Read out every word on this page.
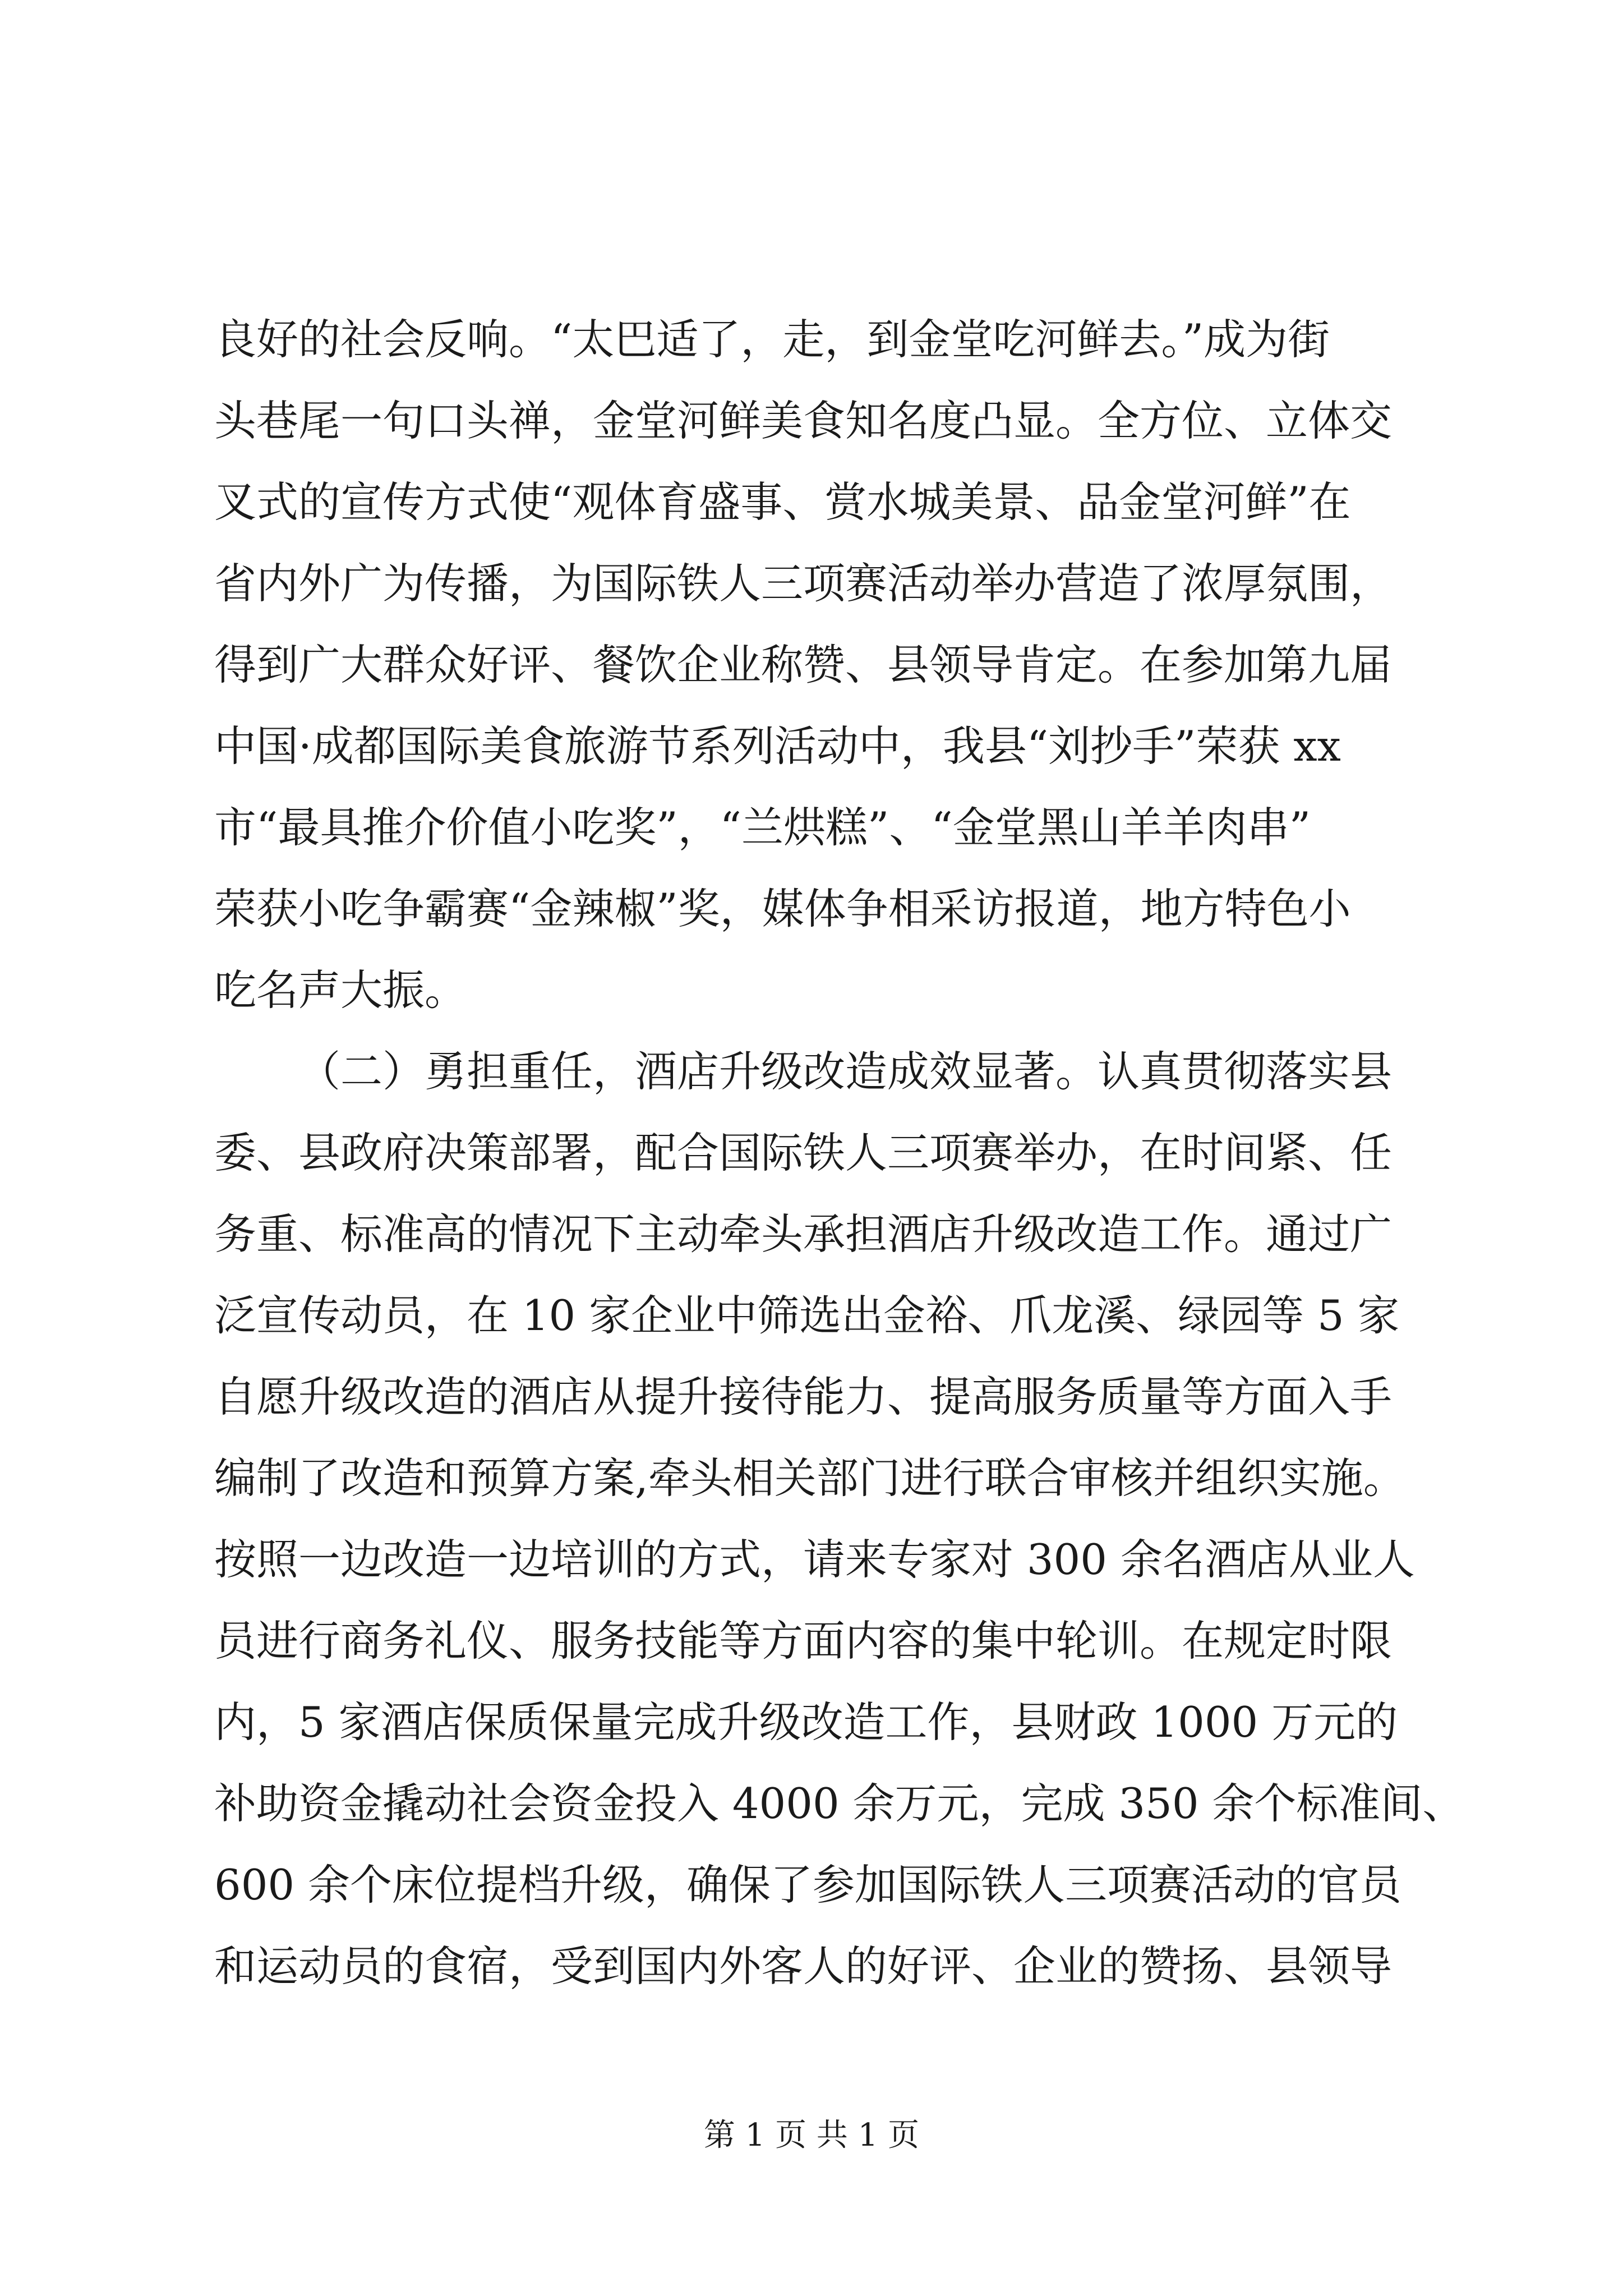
良好的社会反响。“太巴适了，走，到金堂吃河鲜去。”成为街
头巷尾一句口头禅，金堂河鲜美食知名度凸显。全方位、立体交
叉式的宣传方式使“观体育盛事、赏水城美景、品金堂河鲜”在
省内外广为传播，为国际铁人三项赛活动举办营造了浓厚氛围，
得到广大群众好评、餐饮企业称赞、县领导肯定。在参加第九届
中国·成都国际美食旅游节系列活动中，我县“刘抄手”荣获 xx
市“最具推介价值小吃奖”，“兰烘糕”、“金堂黑山羊羊肉串”
荣获小吃争霸赛“金辣椒”奖，媒体争相采访报道，地方特色小
吃名声大振。
（二）勇担重任，酒店升级改造成效显著。认真贯彻落实县
委、县政府决策部署，配合国际铁人三项赛举办，在时间紧、任
务重、标准高的情况下主动牵头承担酒店升级改造工作。通过广
泛宣传动员，在 10 家企业中筛选出金裕、爪龙溪、绿园等 5 家
自愿升级改造的酒店从提升接待能力、提高服务质量等方面入手
编制了改造和预算方案,牵头相关部门进行联合审核并组织实施。
按照一边改造一边培训的方式，请来专家对 300 余名酒店从业人
员进行商务礼仪、服务技能等方面内容的集中轮训。在规定时限
内，5 家酒店保质保量完成升级改造工作，县财政 1000 万元的
补助资金撬动社会资金投入 4000 余万元，完成 350 余个标准间、
600 余个床位提档升级，确保了参加国际铁人三项赛活动的官员
和运动员的食宿，受到国内外客人的好评、企业的赞扬、县领导
第 1 页 共 1 页
